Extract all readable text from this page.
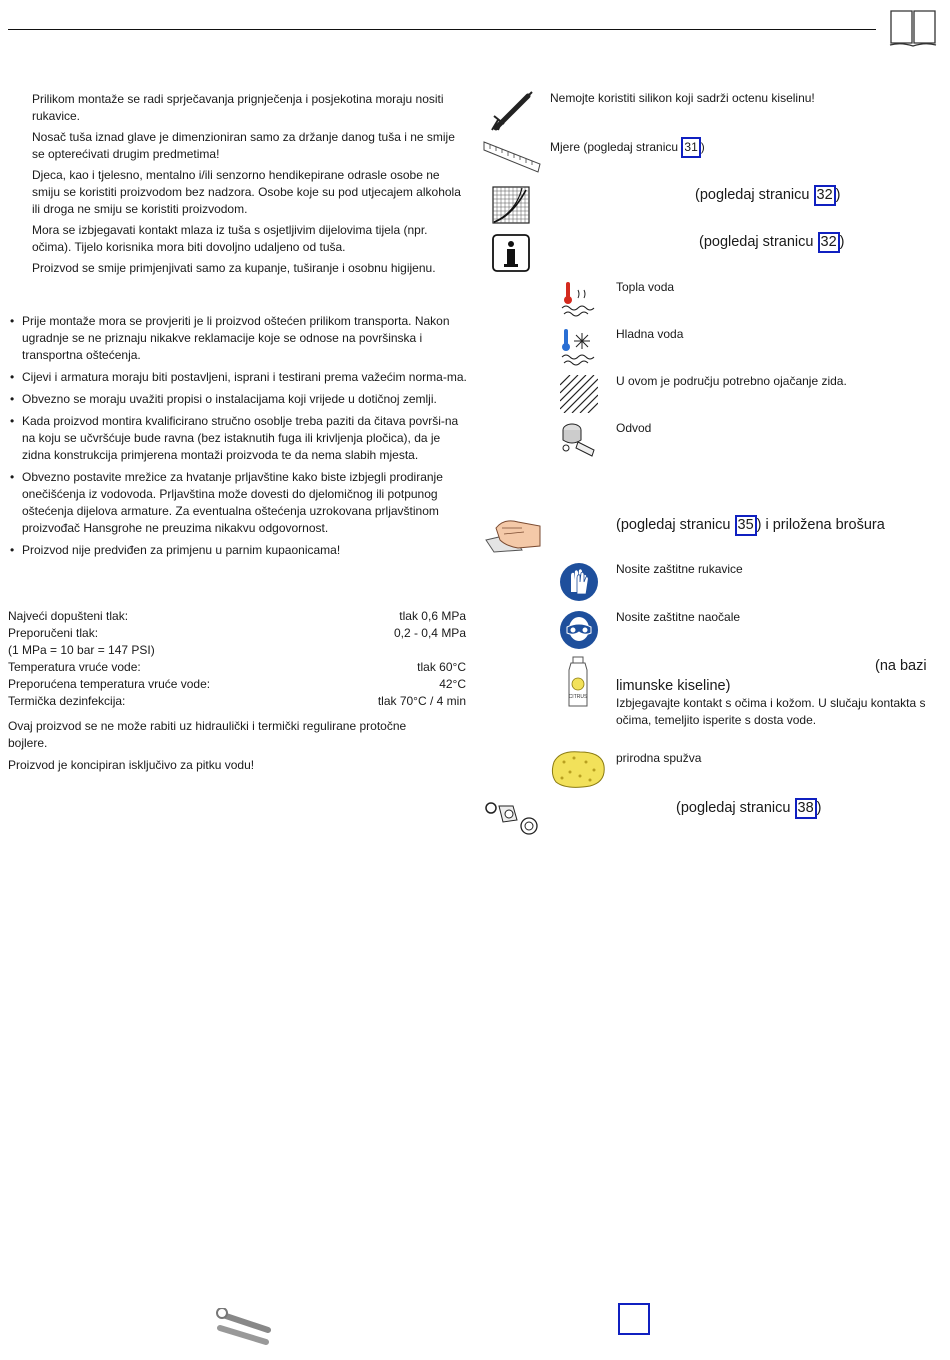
Prilikom montaže se radi sprječavanja prignječenja i posjekotina moraju nositi rukavice.
Nosač tuša iznad glave je dimenzioniran samo za držanje danog tuša i ne smije se opterećivati drugim predmetima!
Djeca, kao i tjelesno, mentalno i/ili senzorno hendikepirane odrasle osobe ne smiju se koristiti proizvodom bez nadzora. Osobe koje su pod utjecajem alkohola ili droga ne smiju se koristiti proizvodom.
Mora se izbjegavati kontakt mlaza iz tuša s osjetljivim dijelovima tijela (npr. očima). Tijelo korisnika mora biti dovoljno udaljeno od tuša.
Proizvod se smije primjenjivati samo za kupanje, tuširanje i osobnu higijenu.
• Prije montaže mora se provjeriti je li proizvod oštećen prilikom transporta. Nakon ugradnje se ne priznaju nikakve reklamacije koje se odnose na površinska i transportna oštećenja.
• Cijevi i armatura moraju biti postavljeni, isprani i testirani prema važećim norma-ma.
• Obvezno se moraju uvažiti propisi o instalacijama koji vrijede u dotičnoj zemlji.
• Kada proizvod montira kvalificirano stručno osoblje treba paziti da čitava površi-na na koju se učvršćuje bude ravna (bez istaknutih fuga ili krivljenja pločica), da je zidna konstrukcija primjerena montaži proizvoda te da nema slabih mjesta.
• Obvezno postavite mrežice za hvatanje prljavštine kako biste izbjegli prodiranje onečišćenja iz vodovoda. Prljavština može dovesti do djelomičnog ili potpunog oštećenja dijelova armature. Za eventualna oštećenja uzrokovana prljavštinom proizvođač Hansgrohe ne preuzima nikakvu odgovornost.
• Proizvod nije predviđen za primjenu u parnim kupaonicama!
Najveći dopušteni tlak:	tlak 0,6 MPa
Preporučeni tlak:	0,2 - 0,4 MPa
(1 MPa = 10 bar = 147 PSI)
Temperatura vruće vode:	tlak 60°C
Preporućena temperatura vruće vode:	42°C
Termička dezinfekcija:	tlak 70°C / 4 min
Ovaj proizvod se ne može rabiti uz hidraulički i termički regulirane protočne bojlere.
Proizvod je koncipiran isključivo za pitku vodu!
Nemojte koristiti silikon koji sadrži octenu kiselinu!
Mjere (pogledaj stranicu 31 )
(pogledaj stranicu 32 )
(pogledaj stranicu 32 )
Topla voda
Hladna voda
U ovom je području potrebno ojačanje zida.
Odvod
(pogledaj stranicu 35 ) i priložena brošura
Nosite zaštitne rukavice
Nosite zaštitne naočale
CITRUS
(na bazi
limunske kiseline)
Izbjegavajte kontakt s očima i kožom. U slučaju kontakta s očima, temeljito isperite s dosta vode.
prirodna spužva
(pogledaj stranicu 38 )
